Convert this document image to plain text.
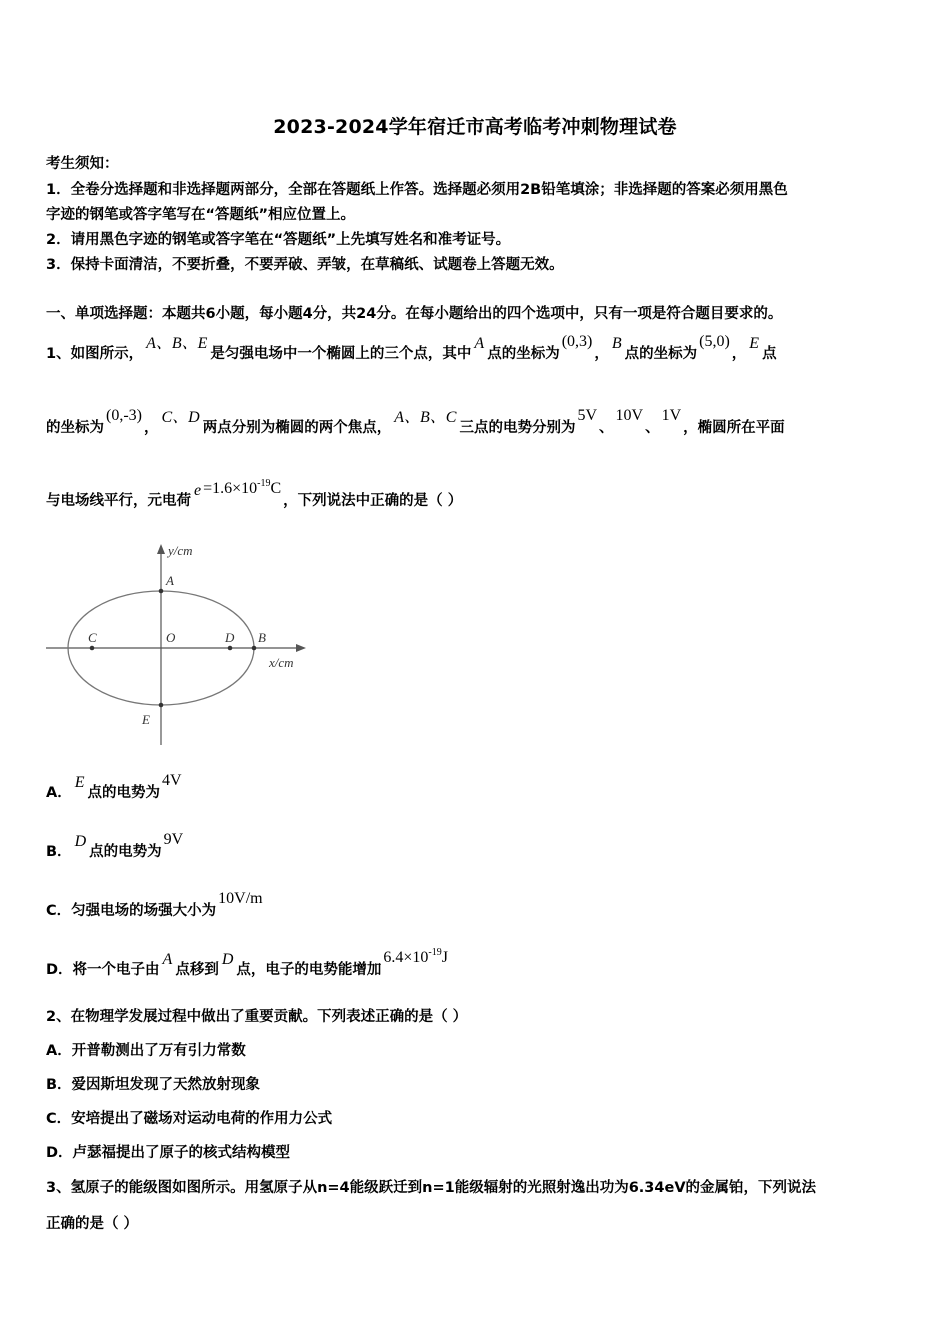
2023-2024学年宿迁市高考临考冲刺物理试卷
考生须知：
1．全卷分选择题和非选择题两部分，全部在答题纸上作答。选择题必须用2B铅笔填涂；非选择题的答案必须用黑色
字迹的钢笔或答字笔写在“答题纸”相应位置上。
2．请用黑色字迹的钢笔或答字笔在“答题纸”上先填写姓名和准考证号。
3．保持卡面清洁，不要折叠，不要弄破、弄皱，在草稿纸、试题卷上答题无效。
一、单项选择题：本题共6小题，每小题4分，共24分。在每小题给出的四个选项中，只有一项是符合题目要求的。
1、如图所示，A、B、E是匀强电场中一个椭圆上的三个点，其中A点的坐标为(0,3)，B点的坐标为(5,0)，E点
的坐标为(0,-3)，C、D两点分别为椭圆的两个焦点，A、B、C三点的电势分别为5V、10V、1V，椭圆所在平面
与电场线平行，元电荷$e =1.6\times 10^{-19}C$，下列说法中正确的是（ ）
y/cm
x/cm
A
B
C	D
E
O
A．E点的电势为4V
B．D点的电势为9V
C．匀强电场的场强大小为10V/m
D．将一个电子由A点移到D点，电子的电势能增加$6.4\times 10^{-19}J$
2、在物理学发展过程中做出了重要贡献。下列表述正确的是（ ）
A．开普勒测出了万有引力常数
B．爱因斯坦发现了天然放射现象
C．安培提出了磁场对运动电荷的作用力公式
D．卢瑟福提出了原子的核式结构模型
3、氢原子的能级图如图所示。用氢原子从n=4能级跃迁到n=1能级辐射的光照射逸出功为6.34eV的金属铂，下列说法
正确的是（ ）
